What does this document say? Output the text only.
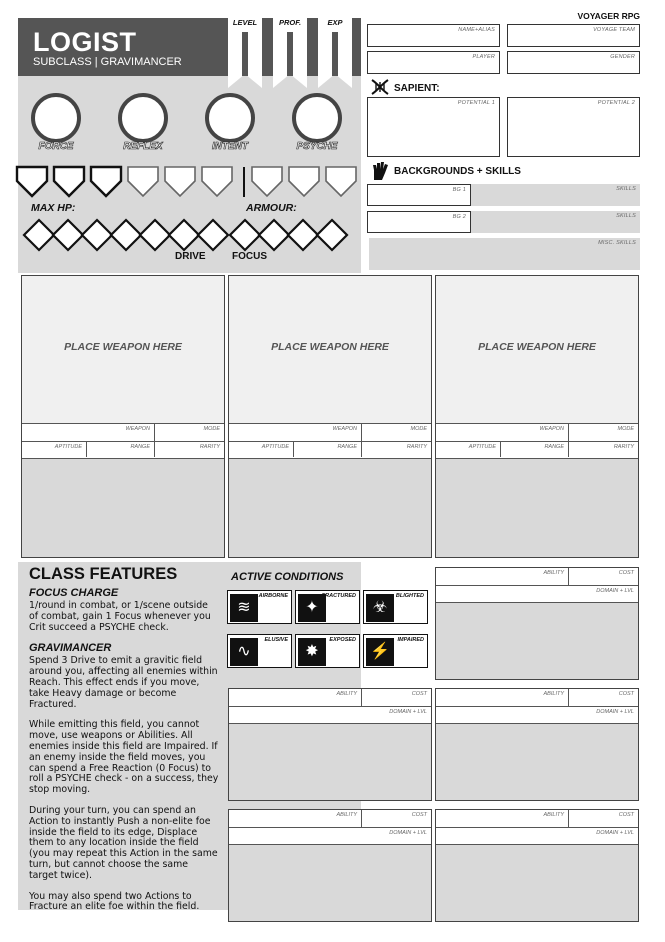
LOGIST
SUBCLASS | GRAVIMANCER
LEVEL	PROF.	EXP
FORCE	REFLEX	INTENT	PSYCHE
MAX HP:	ARMOUR:
DRIVE	FOCUS
VOYAGER RPG
NAME+ALIAS	VOYAGE TEAM
PLAYER	GENDER
SAPIENT:
POTENTIAL 1	POTENTIAL 2
BACKGROUNDS + SKILLS
BG 1	SKILLS
BG 2	SKILLS
MISC. SKILLS
PLACE WEAPON HERE
WEAPON	MODE
APTITUDE	RANGE	RARITY
PLACE WEAPON HERE
WEAPON	MODE
APTITUDE	RANGE	RARITY
PLACE WEAPON HERE
WEAPON	MODE
APTITUDE	RANGE	RARITY
CLASS FEATURES
FOCUS CHARGE
1/round in combat, or 1/scene outside of combat, gain 1 Focus whenever you Crit succeed a PSYCHE check.
GRAVIMANCER
Spend 3 Drive to emit a gravitic field around you, affecting all enemies within Reach. This effect ends if you move, take Heavy damage or become Fractured.
While emitting this field, you cannot move, use weapons or Abilities. All enemies inside this field are Impaired. If an enemy inside the field moves, you can spend a Free Reaction (0 Focus) to roll a PSYCHE check - on a success, they stop moving.
During your turn, you can spend an Action to instantly Push a non-elite foe inside the field to its edge, Displace them to any location inside the field (you may repeat this Action in the same turn, but cannot choose the same target twice).
You may also spend two Actions to Fracture an elite foe within the field.
ACTIVE CONDITIONS
≋
AIRBORNE
✦
FRACTURED
☣
BLIGHTED
∿
ELUSIVE
✸
EXPOSED
⚡
IMPAIRED
ABILITY	COST
DOMAIN + LVL
ABILITY	COST
DOMAIN + LVL
ABILITY	COST
DOMAIN + LVL
ABILITY	COST
DOMAIN + LVL
ABILITY	COST
DOMAIN + LVL
